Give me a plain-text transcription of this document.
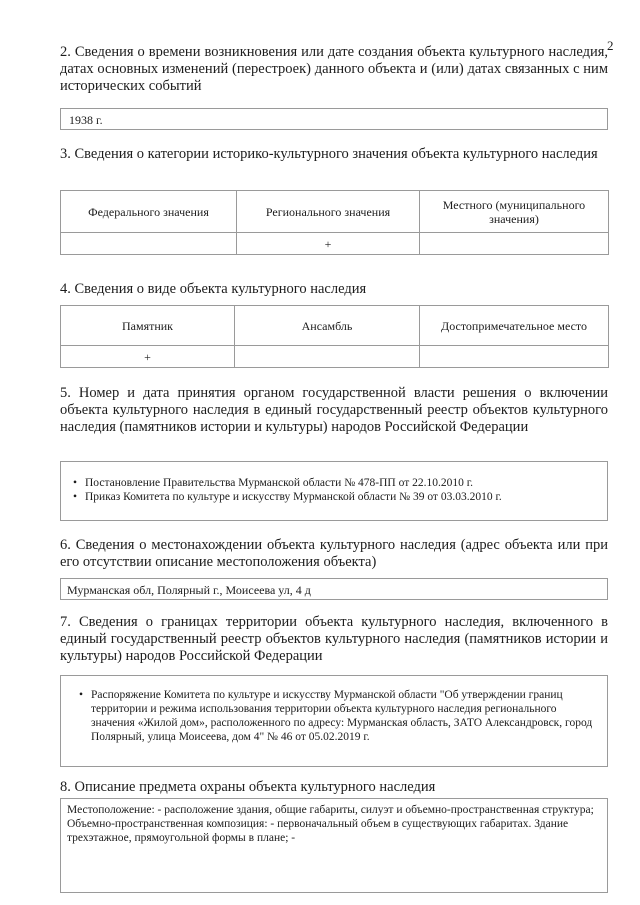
2
2. Сведения о времени возникновения или дате создания объекта культурного наследия, датах основных изменений (перестроек) данного объекта и (или) датах связанных с ним исторических событий
1938 г.
3. Сведения о категории историко-культурного значения объекта культурного наследия
Федерального значения	Регионального значения	Местного (муниципального значения)
	+	
4. Сведения о виде объекта культурного наследия
Памятник	Ансамбль	Достопримечательное место
+		
5. Номер и дата принятия органом государственной власти решения о включении объекта культурного наследия в единый государственный реестр объектов культурного наследия (памятников истории и культуры) народов Российской Федерации
• Постановление Правительства Мурманской области № 478-ПП от 22.10.2010 г.
• Приказ Комитета по культуре и искусству Мурманской области № 39 от 03.03.2010 г.
6. Сведения о местонахождении объекта культурного наследия (адрес объекта или при его отсутствии описание местоположения объекта)
Мурманская обл, Полярный г., Моисеева ул, 4 д
7. Сведения о границах территории объекта культурного наследия, включенного в единый государственный реестр объектов культурного наследия (памятников истории и культуры) народов Российской Федерации
• Распоряжение Комитета по культуре и искусству Мурманской области "Об утверждении границ территории и режима использования территории объекта культурного наследия регионального значения «Жилой дом», расположенного по адресу: Мурманская область, ЗАТО Александровск, город Полярный, улица Моисеева, дом 4" № 46 от 05.02.2019 г.
8. Описание предмета охраны объекта культурного наследия
Местоположение: - расположение здания, общие габариты, силуэт и объемно-пространственная структура; Объемно-пространственная композиция: - первоначальный объем в существующих габаритах. Здание трехэтажное, прямоугольной формы в плане; -
